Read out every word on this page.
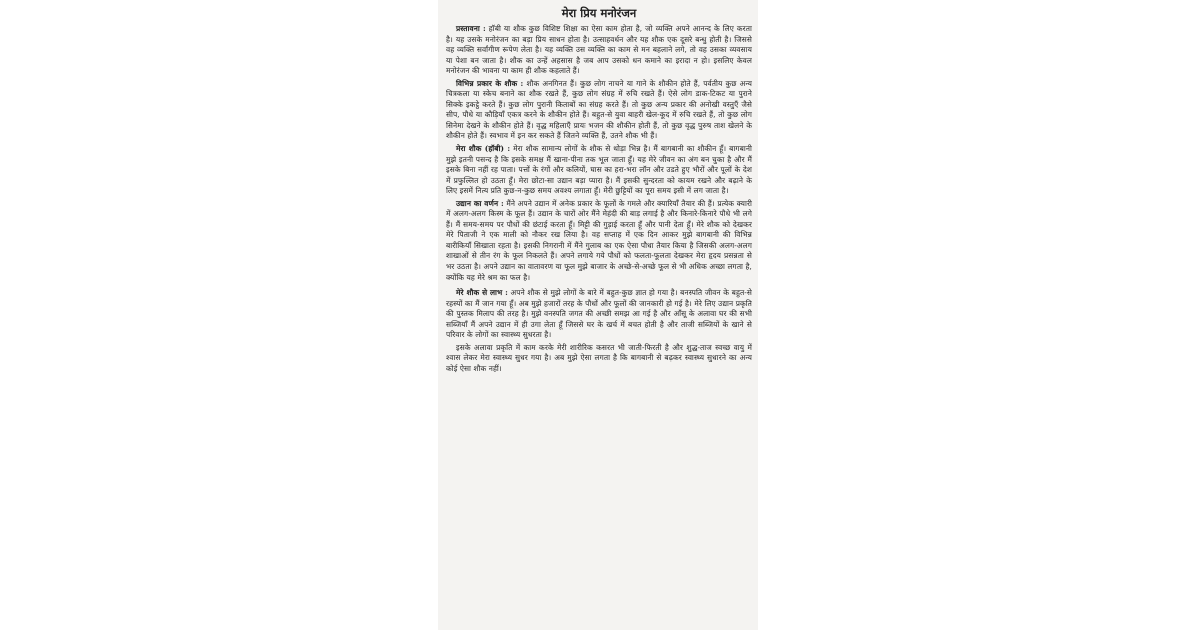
मेरा प्रिय मनोरंजन

प्रस्तावना : हॉबी या शौक कुछ विशिष्ट शिक्षा का ऐसा काम होता है, जो व्यक्ति अपने आनन्द के लिए करता है। यह उसके मनोरंजन का बड़ा प्रिय साधन होता है। उत्साहवर्धन और यह शौक एक दूसरे बन्धु होती है। जिससे वह व्यक्ति सर्वांगीण रूपेण लेता है। यह व्यक्ति उस व्यक्ति का काम से मन बहलाने लगे, तो वह उसका व्यवसाय या पेशा बन जाता है। शौक का उन्हें अहसास है जब आप उसको धन कमाने का इरादा न हो। इसलिए केवल मनोरंजन की भावना या काम ही शौक कहलाते हैं।

विभिन्न प्रकार के शौक : शौक अनगिनत हैं। कुछ लोग नाचने या गाने के शौकीन होते हैं, पर्वतीय कुछ अन्य चित्रकला या स्केच बनाने का शौक रखते हैं, कुछ लोग संग्रह में रुचि रखते हैं। ऐसे लोग डाक-टिकट या पुराने सिक्के इकट्ठे करते हैं। कुछ लोग पुरानी किताबों का संग्रह करते हैं। तो कुछ अन्य प्रकार की अनोखी वस्तुएँ जैसे सीप, पौधे या कौड़ियाँ एकत्र करने के शौकीन होते हैं। बहुत-से युवा बाहरी खेल-कूद में रुचि रखते हैं, तो कुछ लोग सिनेमा देखने के शौकीन होते हैं। वृद्ध महिलाएँ प्रायः भजन की शौकीन होती हैं, तो कुछ वृद्ध पुरुष ताश खेलने के शौकीन होते हैं। स्वभाव में इन कर सकते हैं जितने व्यक्ति हैं, उतने शौक भी हैं।

मेरा शौक (हॉबी) : मेरा शौक सामान्य लोगों के शौक से थोड़ा भिन्न है। मैं बागबानी का शौकीन हूँ। बागबानी मुझे इतनी पसन्द है कि इसके समक्ष मैं खाना-पीना तक भूल जाता हूँ। यह मेरे जीवन का अंग बन चुका है और मैं इसके बिना नहीं रह पाता। पत्तों के रंगों और कलियों, घास का हरा-भरा लॉन और उडते हुए भौरों और पूलों के देश में प्रफुल्लित हो उठता हूँ। मेरा छोटा-सा उद्यान बड़ा प्यारा है। मैं इसकी सुन्दरता को कायम रखने और बढ़ाने के लिए इसमें नित्य प्रति कुछ-न-कुछ समय अवश्य लगाता हूँ। मेरी छुट्टियों का पूरा समय इसी में लग जाता है।

उद्यान का वर्णन : मैंने अपने उद्यान में अनेक प्रकार के फूलों के गमले और क्यारियाँ तैयार की हैं। प्रत्येक क्यारी में अलग-अलग किस्म के फूल हैं। उद्यान के चारों ओर मैंने मेहंदी की बाड़ लगाई है और किनारे-किनारे पौधे भी लगे हैं। मैं समय-समय पर पौधों की छंटाई करता हूँ। मिट्टी की गुड़ाई करता हूँ और पानी देता हूँ। मेरे शौक को देखकर मेरे पिताजी ने एक माली को नौकर रख लिया है। वह सप्ताह में एक दिन आकर मुझे बागबानी की विभिन्न बारीकियाँ सिखाता रहता है। इसकी निगरानी में मैंने गुलाब का एक ऐसा पौधा तैयार किया है जिसकी अलग-अलग शाखाओं से तीन रंग के फूल निकलते हैं। अपने लगाये गये पौधों को फलता-फूलता देखकर मेरा हृदय प्रसन्नता से भर उठता है। अपने उद्यान का वातावरण या फूल मुझे बाजार के अच्छे-से-अच्छे फूल से भी अधिक अच्छा लगता है, क्योंकि यह मेरे श्रम का फल है।

मेरे शौक से लाभ : अपने शौक से मुझे लोगों के बारे में बहुत-कुछ ज्ञात हो गया है। बनस्पति जीवन के बहुत-से रहस्यों का मैं जान गया हूँ। अब मुझे हजारों तरह के पौधों और फूलों की जानकारी हो गई है। मेरे लिए उद्यान प्रकृति की पुस्तक मिलाप की तरह है। मुझे वनस्पति जगत की अच्छी समझ आ गई है और आँसू के अलावा घर की सभी सब्जियाँ मैं अपने उद्यान में ही उगा लेता हूँ जिससे घर के खर्च में बचत होती है और ताजी सब्जियों के खाने से परिवार के लोगों का स्वास्थ्य सुधरता है।

इसके अलावा प्रकृति में काम करके मेरी शारीरिक कसरत भी जाती-फिरती है और शुद्ध-ताज स्वच्छ वायु में श्वास लेकर मेरा स्वास्थ्य सुधर गया है। अब मुझे ऐसा लगता है कि बागबानी से बढ़कर स्वास्थ्य सुधारने का अन्य कोई ऐसा शौक नहीं।
